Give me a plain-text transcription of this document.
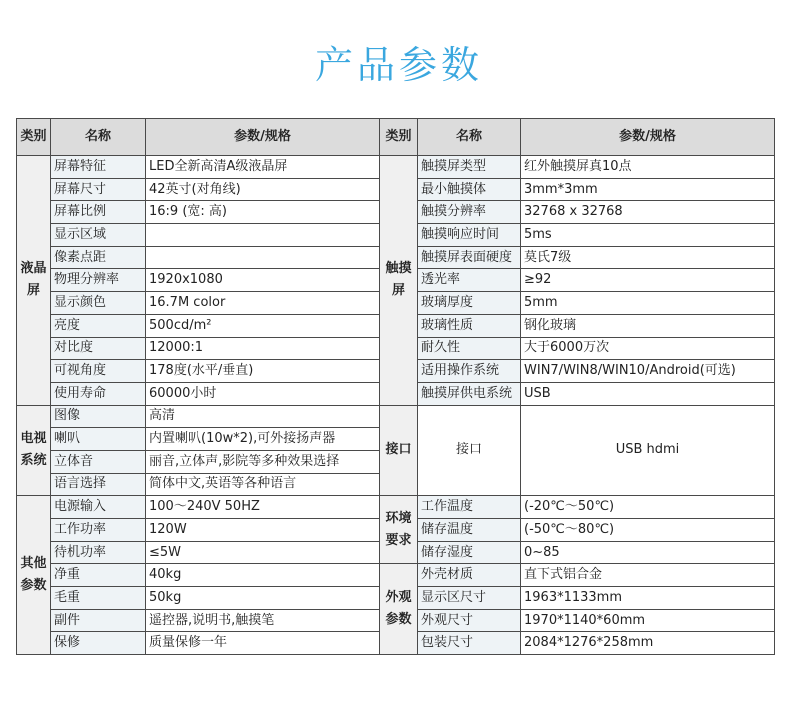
产品参数
类别	名称	参数/规格	类别	名称	参数/规格
液晶屏	屏幕特征	LED全新高清A级液晶屏	触摸屏	触摸屏类型	红外触摸屏真10点
	屏幕尺寸	42英寸(对角线)		最小触摸体	3mm*3mm
	屏幕比例	16:9 (宽: 高)		触摸分辨率	32768 x 32768
	显示区域			触摸响应时间	5ms
	像素点距			触摸屏表面硬度	莫氏7级
	物理分辨率	1920x1080		透光率	≥92
	显示颜色	16.7M color		玻璃厚度	5mm
	亮度	500cd/m²		玻璃性质	钢化玻璃
	对比度	12000:1		耐久性	大于6000万次
	可视角度	178度(水平/垂直)		适用操作系统	WIN7/WIN8/WIN10/Android(可选)
	使用寿命	60000小时		触摸屏供电系统	USB
电视系统	图像	高清	接口	接口	USB hdmi
	喇叭	内置喇叭(10w*2),可外接扬声器			
	立体音	丽音,立体声,影院等多种效果选择			
	语言选择	简体中文,英语等各种语言			
其他参数	电源输入	100～240V 50HZ	环境要求	工作温度	(-20℃～50℃)
	工作功率	120W		储存温度	(-50℃～80℃)
	待机功率	≤5W		储存湿度	0~85
	净重	40kg	外观参数	外壳材质	直下式铝合金
	毛重	50kg		显示区尺寸	1963*1133mm
	副件	遥控器,说明书,触摸笔		外观尺寸	1970*1140*60mm
	保修	质量保修一年		包装尺寸	2084*1276*258mm
